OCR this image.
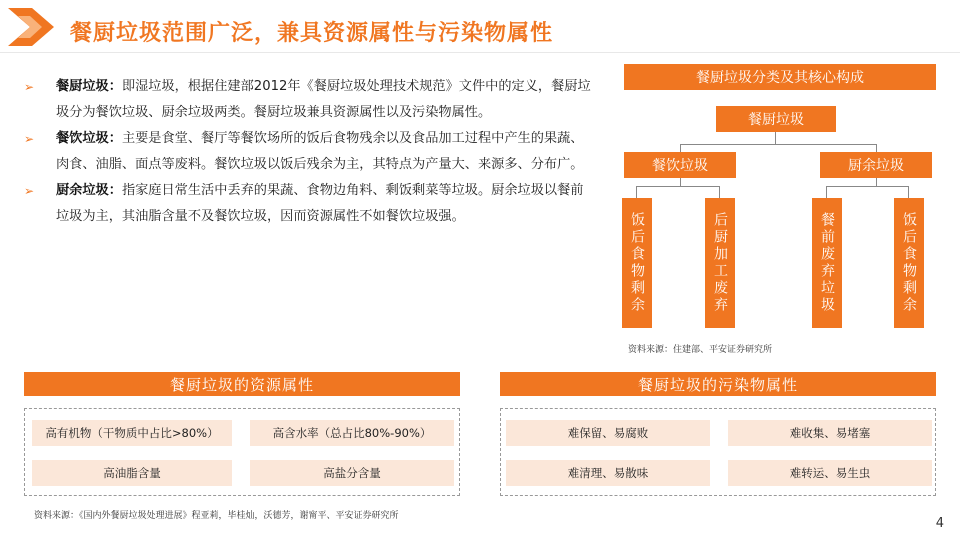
餐厨垃圾范围广泛，兼具资源属性与污染物属性
➢ 餐厨垃圾：即湿垃圾，根据住建部2012年《餐厨垃圾处理技术规范》文件中的定义，餐厨垃圾分为餐饮垃圾、厨余垃圾两类。餐厨垃圾兼具资源属性以及污染物属性。
➢ 餐饮垃圾：主要是食堂、餐厅等餐饮场所的饭后食物残余以及食品加工过程中产生的果蔬、肉食、油脂、面点等废料。餐饮垃圾以饭后残余为主，其特点为产量大、来源多、分布广。
➢ 厨余垃圾：指家庭日常生活中丢弃的果蔬、食物边角料、剩饭剩菜等垃圾。厨余垃圾以餐前垃圾为主，其油脂含量不及餐饮垃圾，因而资源属性不如餐饮垃圾强。
餐厨垃圾分类及其核心构成
餐厨垃圾
餐饮垃圾	厨余垃圾
饭后食物剩余	后厨加工废弃	餐前废弃垃圾	饭后食物剩余
资料来源：住建部、平安证券研究所
餐厨垃圾的资源属性
高有机物（干物质中占比>80%）	高含水率（总占比80%-90%）
高油脂含量	高盐分含量
餐厨垃圾的污染物属性
难保留、易腐败	难收集、易堵塞
难清理、易散味	难转运、易生虫
资料来源：《国内外餐厨垃圾处理进展》程亚莉，毕桂灿，沃德芳，谢甯平、平安证券研究所	4
